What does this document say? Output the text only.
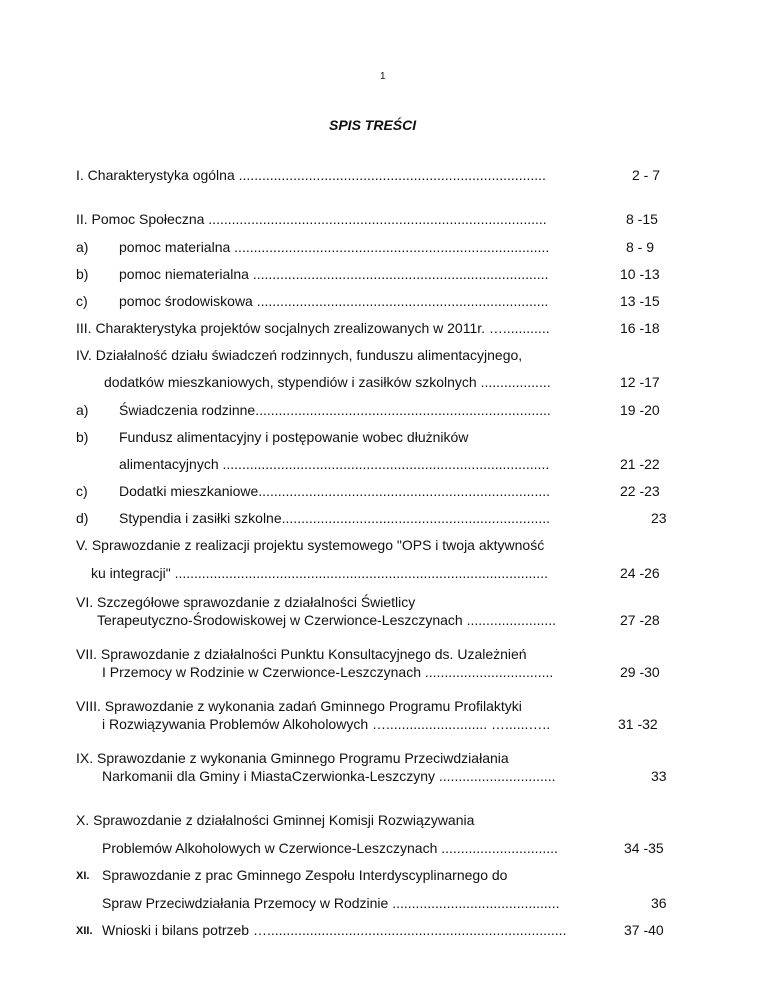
1
SPIS TREŚCI
I. Charakterystyka ogólna ...............................................................................	2 - 7
II. Pomoc Społeczna .......................................................................................	8 -15
a) pomoc materialna .................................................................................	8 - 9
b) pomoc niematerialna ............................................................................	10 -13
c) pomoc środowiskowa ...........................................................................	13 -15
III. Charakterystyka projektów socjalnych zrealizowanych w 2011r. …............	16 -18
IV. Działalność działu świadczeń rodzinnych, funduszu alimentacyjnego,
dodatków mieszkaniowych, stypendiów i zasiłków szkolnych ..................	12 -17
a) Świadczenia rodzinne............................................................................	19 -20
b) Fundusz alimentacyjny i postępowanie wobec dłużników
alimentacyjnych ....................................................................................	21 -22
c) Dodatki mieszkaniowe...........................................................................	22 -23
d) Stypendia i zasiłki szkolne.....................................................................	23
V. Sprawozdanie z realizacji projektu systemowego "OPS i twoja aktywność
ku integracji" ................................................................................................	24 -26
VI. Szczegółowe sprawozdanie z działalności Świetlicy
Terapeutyczno-Środowiskowej w Czerwionce-Leszczynach .......................	27 -28
VII. Sprawozdanie z działalności Punktu Konsultacyjnego ds. Uzależnień
I Przemocy w Rodzinie w Czerwionce-Leszczynach .................................	29 -30
VIII. Sprawozdanie z wykonania zadań Gminnego Programu Profilaktyki
i Rozwiązywania Problemów Alkoholowych ….......................... …......…..	31 -32
IX. Sprawozdanie z wykonania Gminnego Programu Przeciwdziałania
Narkomanii dla Gminy i MiastaCzerwionka-Leszczyny ..............................	33
X. Sprawozdanie z działalności Gminnej Komisji Rozwiązywania
Problemów Alkoholowych w Czerwionce-Leszczynach ..............................	34 -35
XI. Sprawozdanie z prac Gminnego Zespołu Interdyscyplinarnego do
Spraw Przeciwdziałania Przemocy w Rodzinie ...........................................	36
XII. Wnioski i bilans potrzeb ….............................................................................	37 -40
